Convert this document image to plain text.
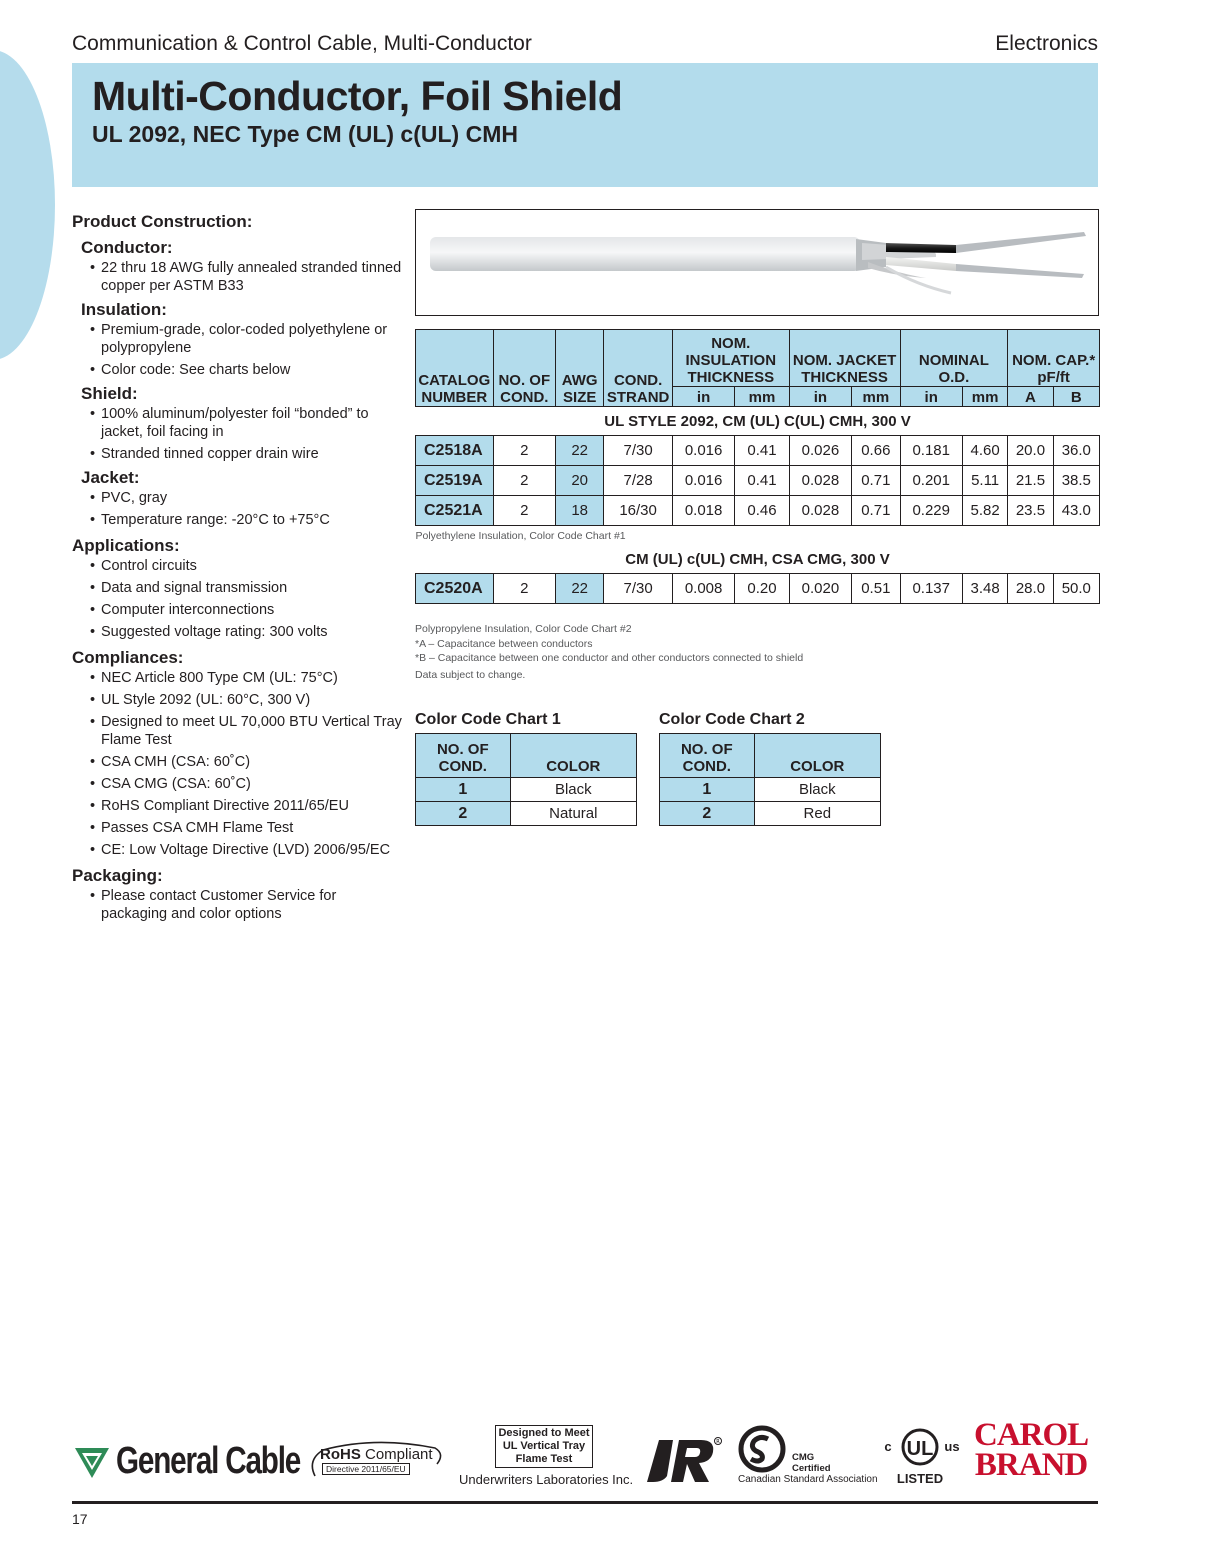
Communication & Control Cable, Multi-Conductor	Electronics
Multi-Conductor, Foil Shield
UL 2092, NEC Type CM (UL) c(UL) CMH
Product Construction:
Conductor:
• 22 thru 18 AWG fully annealed stranded tinned copper per ASTM B33
Insulation:
• Premium-grade, color-coded polyethylene or polypropylene
• Color code: See charts below
Shield:
• 100% aluminum/polyester foil “bonded” to jacket, foil facing in
• Stranded tinned copper drain wire
Jacket:
• PVC, gray
• Temperature range: -20°C to +75°C
Applications:
• Control circuits
• Data and signal transmission
• Computer interconnections
• Suggested voltage rating: 300 volts
Compliances:
• NEC Article 800 Type CM (UL: 75°C)
• UL Style 2092 (UL: 60°C, 300 V)
• Designed to meet UL 70,000 BTU Vertical Tray Flame Test
• CSA CMH (CSA: 60˚C)
• CSA CMG (CSA: 60˚C)
• RoHS Compliant Directive 2011/65/EU
• Passes CSA CMH Flame Test
• CE: Low Voltage Directive (LVD) 2006/95/EC
Packaging:
• Please contact Customer Service for packaging and color options
CATALOG NUMBER	NO. OF COND.	AWG SIZE	COND. STRAND	NOM. INSULATION THICKNESS		NOM. JACKET THICKNESS		NOMINAL O.D.		NOM. CAP.* pF/ft	
				in	mm	in	mm	in	mm	A	B
UL STYLE 2092, CM (UL) C(UL) CMH, 300 V											
C2518A	2	22	7/30	0.016	0.41	0.026	0.66	0.181	4.60	20.0	36.0
C2519A	2	20	7/28	0.016	0.41	0.028	0.71	0.201	5.11	21.5	38.5
C2521A	2	18	16/30	0.018	0.46	0.028	0.71	0.229	5.82	23.5	43.0
Polyethylene Insulation, Color Code Chart #1											
CM (UL) c(UL) CMH, CSA CMG, 300 V											
C2520A	2	22	7/30	0.008	0.20	0.020	0.51	0.137	3.48	28.0	50.0
Polypropylene Insulation, Color Code Chart #2
*A – Capacitance between conductors
*B – Capacitance between one conductor and other conductors connected to shield
Data subject to change.
Color Code Chart 1
NO. OF COND.	COLOR
1	Black
2	Natural
Color Code Chart 2
NO. OF COND.	COLOR
1	Black
2	Red
General Cable RoHS Compliant
Directive 2011/65/EU
Designed to Meet UL Vertical Tray Flame Test
Underwriters Laboratories Inc.
R
CMG Certified
Canadian Standard Association
UL
c	us
LISTED
CAROL
BRAND
17
